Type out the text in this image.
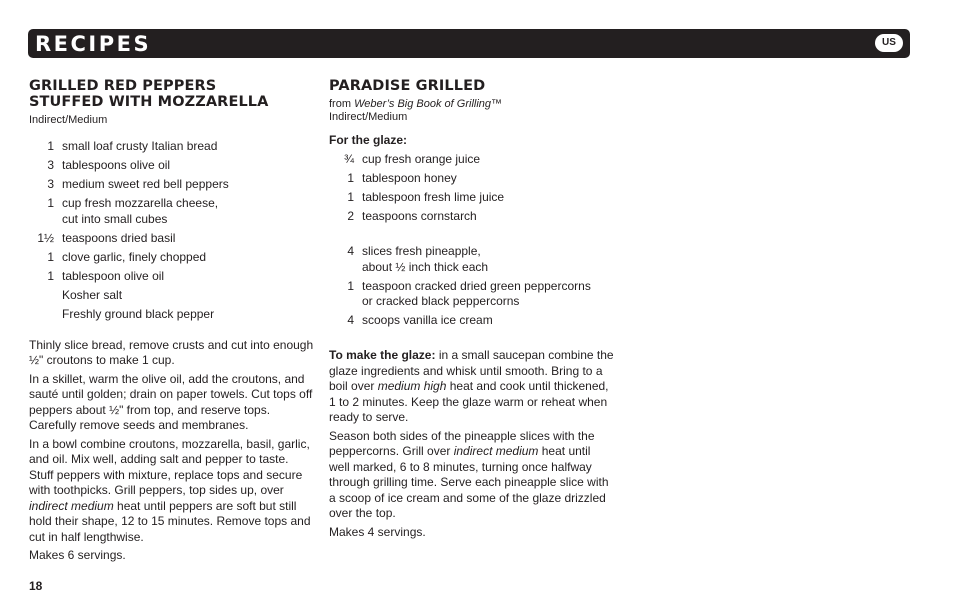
RECIPES	US
GRILLED RED PEPPERS
STUFFED WITH MOZZARELLA
Indirect/Medium
1 small loaf crusty Italian bread
3 tablespoons olive oil
3 medium sweet red bell peppers
1 cup fresh mozzarella cheese,
cut into small cubes
1½ teaspoons dried basil
1 clove garlic, finely chopped
1 tablespoon olive oil
Kosher salt
Freshly ground black pepper

Thinly slice bread, remove crusts and cut into enough ½" croutons to make 1 cup.

In a skillet, warm the olive oil, add the croutons, and sauté until golden; drain on paper towels. Cut tops off peppers about ½" from top, and reserve tops. Carefully remove seeds and membranes.

In a bowl combine croutons, mozzarella, basil, garlic, and oil. Mix well, adding salt and pepper to taste. Stuff peppers with mixture, replace tops and secure with toothpicks. Grill peppers, top sides up, over indirect medium heat until peppers are soft but still hold their shape, 12 to 15 minutes. Remove tops and cut in half lengthwise.

Makes 6 servings.

PARADISE GRILLED
from Weber’s Big Book of Grilling™
Indirect/Medium
For the glaze:
¾ cup fresh orange juice
1 tablespoon honey
1 tablespoon fresh lime juice
2 teaspoons cornstarch
4 slices fresh pineapple,
about ½ inch thick each
1 teaspoon cracked dried green peppercorns
or cracked black peppercorns
4 scoops vanilla ice cream

To make the glaze: in a small saucepan combine the glaze ingredients and whisk until smooth. Bring to a boil over medium high heat and cook until thickened, 1 to 2 minutes. Keep the glaze warm or reheat when ready to serve.

Season both sides of the pineapple slices with the peppercorns. Grill over indirect medium heat until well marked, 6 to 8 minutes, turning once halfway through grilling time. Serve each pineapple slice with a scoop of ice cream and some of the glaze drizzled over the top.

Makes 4 servings.

18
